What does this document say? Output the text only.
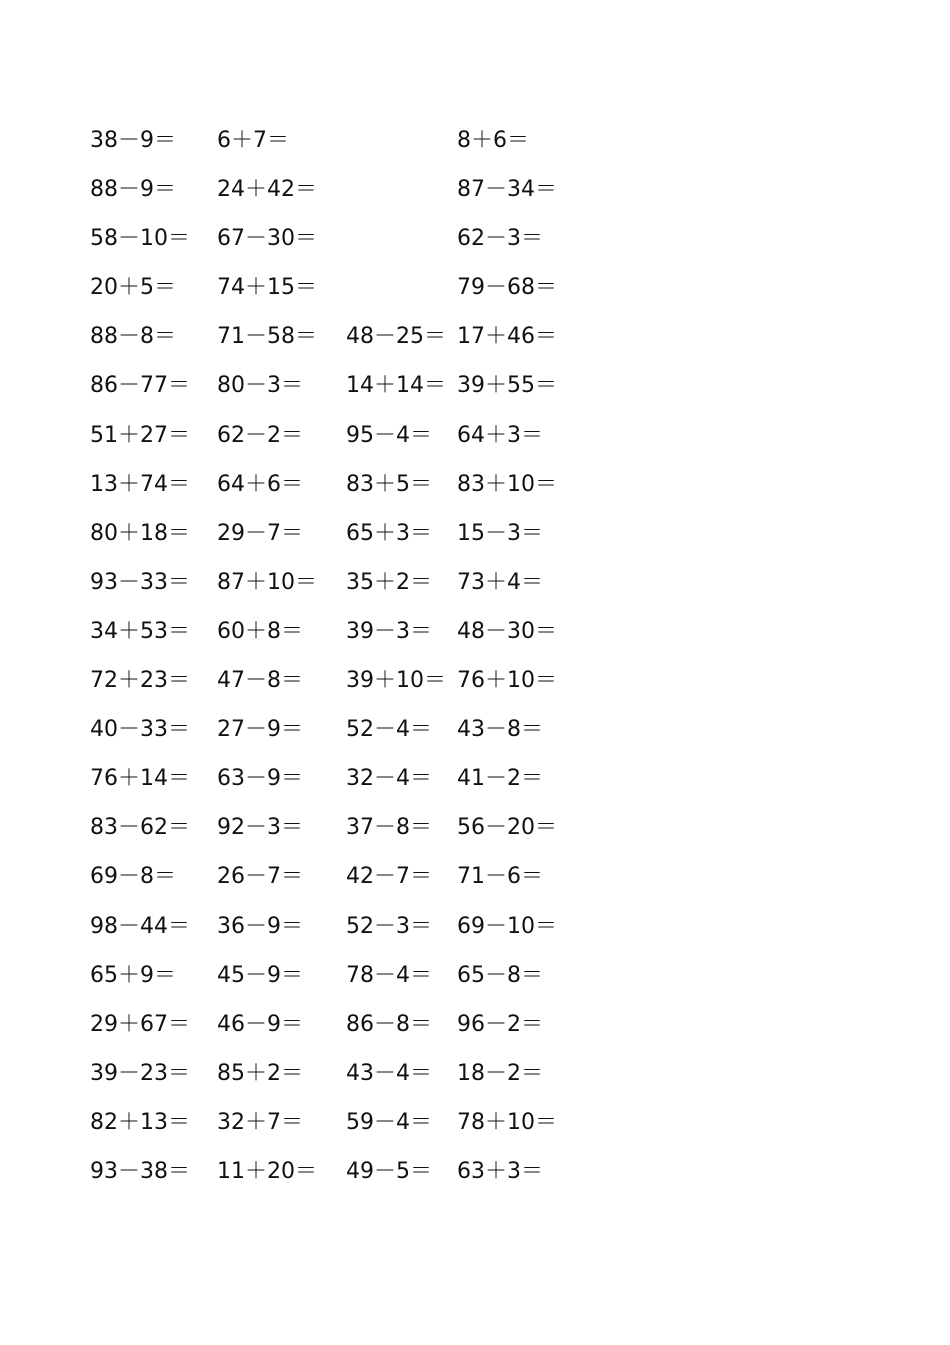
38－9＝ 6＋7＝	8＋6＝
88－9＝ 24＋42＝	87－34＝
58－10＝ 67－30＝	62－3＝
20＋5＝ 74＋15＝	79－68＝
88－8＝ 71－58＝ 48－25＝ 17＋46＝
86－77＝ 80－3＝ 14＋14＝ 39＋55＝
51＋27＝ 62－2＝ 95－4＝ 64＋3＝
13＋74＝ 64＋6＝ 83＋5＝ 83＋10＝
80＋18＝ 29－7＝ 65＋3＝ 15－3＝
93－33＝ 87＋10＝ 35＋2＝ 73＋4＝
34＋53＝ 60＋8＝ 39－3＝ 48－30＝
72＋23＝ 47－8＝ 39＋10＝ 76＋10＝
40－33＝ 27－9＝ 52－4＝ 43－8＝
76＋14＝ 63－9＝ 32－4＝ 41－2＝
83－62＝ 92－3＝ 37－8＝ 56－20＝
69－8＝ 26－7＝ 42－7＝ 71－6＝
98－44＝ 36－9＝ 52－3＝ 69－10＝
65＋9＝ 45－9＝ 78－4＝ 65－8＝
29＋67＝ 46－9＝ 86－8＝ 96－2＝
39－23＝ 85＋2＝ 43－4＝ 18－2＝
82＋13＝ 32＋7＝ 59－4＝ 78＋10＝
93－38＝ 11＋20＝ 49－5＝ 63＋3＝
